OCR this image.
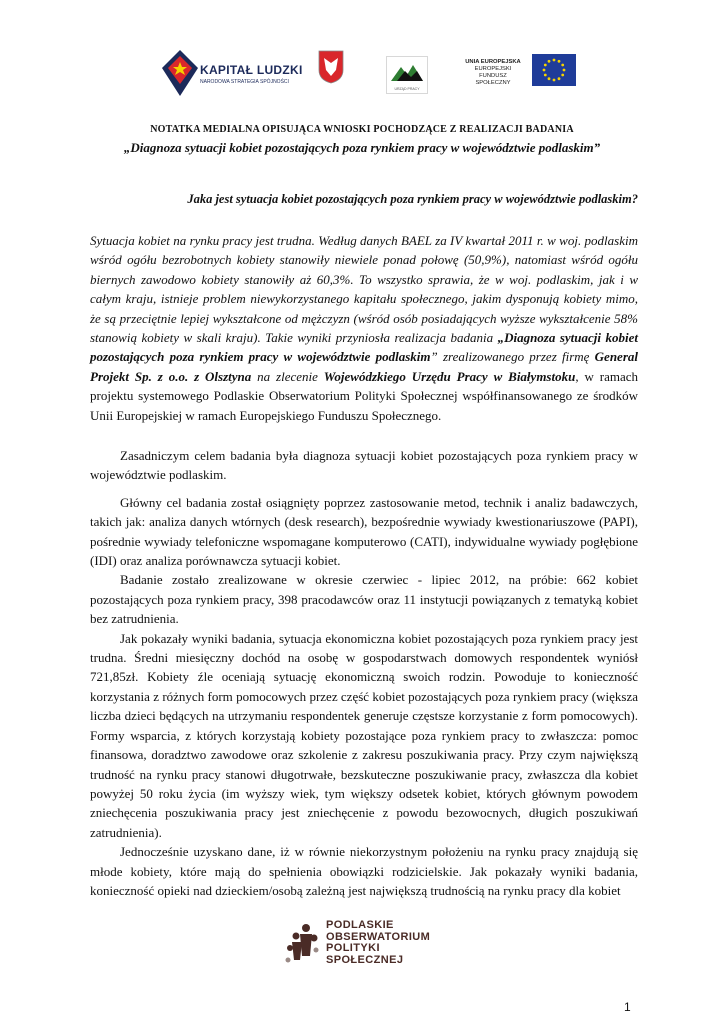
KAPITAŁ LUDZKI
NARODOWA STRATEGIA SPÓJNOŚCI
URZĄD PRACY
UNIA EUROPEJSKA
EUROPEJSKI
FUNDUSZ SPOŁECZNY
NOTATKA MEDIALNA OPISUJĄCA WNIOSKI POCHODZĄCE Z REALIZACJI BADANIA
„Diagnoza sytuacji kobiet pozostających poza rynkiem pracy w województwie podlaskim”
Jaka jest sytuacja kobiet pozostających poza rynkiem pracy w województwie podlaskim?

Sytuacja kobiet na rynku pracy jest trudna. Według danych BAEL za IV kwartał 2011 r. w woj. podlaskim wśród ogółu bezrobotnych kobiety stanowiły niewiele ponad połowę (50,9%), natomiast wśród ogółu biernych zawodowo kobiety stanowiły aż 60,3%. To wszystko sprawia, że w woj. podlaskim, jak i w całym kraju, istnieje problem niewykorzystanego kapitału społecznego, jakim dysponują kobiety mimo, że są przeciętnie lepiej wykształcone od mężczyzn (wśród osób posiadających wyższe wykształcenie 58% stanowią kobiety w skali kraju). Takie wyniki przyniosła realizacja badania „Diagnoza sytuacji kobiet pozostających poza rynkiem pracy w województwie podlaskim” zrealizowanego przez firmę General Projekt Sp. z o.o. z Olsztyna na zlecenie Wojewódzkiego Urzędu Pracy w Białymstoku, w ramach projektu systemowego Podlaskie Obserwatorium Polityki Społecznej współfinansowanego ze środków Unii Europejskiej w ramach Europejskiego Funduszu Społecznego.

Zasadniczym celem badania była diagnoza sytuacji kobiet pozostających poza rynkiem pracy w województwie podlaskim.

Główny cel badania został osiągnięty poprzez zastosowanie metod, technik i analiz badawczych, takich jak: analiza danych wtórnych (desk research), bezpośrednie wywiady kwestionariuszowe (PAPI), pośrednie wywiady telefoniczne wspomagane komputerowo (CATI), indywidualne wywiady pogłębione (IDI) oraz analiza porównawcza sytuacji kobiet.

Badanie zostało zrealizowane w okresie czerwiec - lipiec 2012, na próbie: 662 kobiet pozostających poza rynkiem pracy, 398 pracodawców oraz 11 instytucji powiązanych z tematyką kobiet bez zatrudnienia.

Jak pokazały wyniki badania, sytuacja ekonomiczna kobiet pozostających poza rynkiem pracy jest trudna. Średni miesięczny dochód na osobę w gospodarstwach domowych respondentek wyniósł 721,85zł. Kobiety źle oceniają sytuację ekonomiczną swoich rodzin. Powoduje to konieczność korzystania z różnych form pomocowych przez część kobiet pozostających poza rynkiem pracy (większa liczba dzieci będących na utrzymaniu respondentek generuje częstsze korzystanie z form pomocowych). Formy wsparcia, z których korzystają kobiety pozostające poza rynkiem pracy to zwłaszcza: pomoc finansowa, doradztwo zawodowe oraz szkolenie z zakresu poszukiwania pracy. Przy czym największą trudność na rynku pracy stanowi długotrwałe, bezskuteczne poszukiwanie pracy, zwłaszcza dla kobiet powyżej 50 roku życia (im wyższy wiek, tym większy odsetek kobiet, których głównym powodem zniechęcenia poszukiwania pracy jest zniechęcenie z powodu bezowocnych, długich poszukiwań zatrudnienia).

Jednocześnie uzyskano dane, iż w równie niekorzystnym położeniu na rynku pracy znajdują się młode kobiety, które mają do spełnienia obowiązki rodzicielskie. Jak pokazały wyniki badania, konieczność opieki nad dzieckiem/osobą zależną jest największą trudnością na rynku pracy dla kobiet

PODLASKIE
OBSERWATORIUM
POLITYKI
SPOŁECZNEJ
1
